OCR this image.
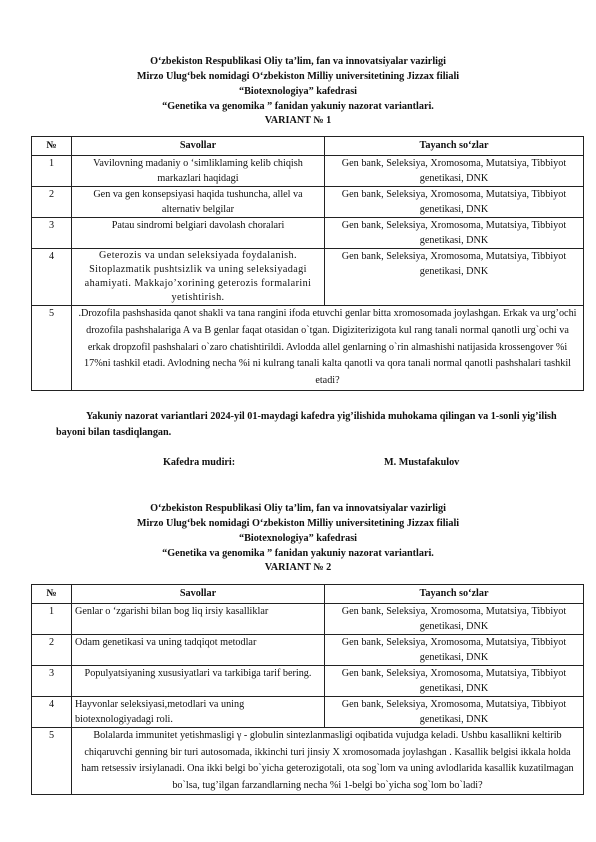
O‘zbekiston Respublikasi Oliy ta’lim, fan va innovatsiyalar vazirligi
Mirzo Ulug‘bek nomidagi O‘zbekiston Milliy universitetining Jizzax filiali
“Biotexnologiya” kafedrasi
“Genetika va genomika ” fanidan yakuniy nazorat variantlari.
VARIANT № 1
№	Savollar	Tayanch so‘zlar
1	Vavilovning madaniy o ‘simliklaming kelib chiqish markazlari haqidagi	Gen bank, Seleksiya, Xromosoma, Mutatsiya, Tibbiyot genetikasi, DNK
2	Gen va gen konsepsiyasi haqida tushuncha, allel va alternativ belgilar	Gen bank, Seleksiya, Xromosoma, Mutatsiya, Tibbiyot genetikasi, DNK
3	Patau sindromi belgiari davolash choralari	Gen bank, Seleksiya, Xromosoma, Mutatsiya, Tibbiyot genetikasi, DNK
4	Geterozis va undan seleksiyada foydalanish. Sitoplazmatik pushtsizlik va uning seleksiyadagi ahamiyati. Makkajo’xorining geterozis formalarini yetishtirish.	Gen bank, Seleksiya, Xromosoma, Mutatsiya, Tibbiyot genetikasi, DNK
5	.Drozofila pashshasida qanot shakli va tana rangini ifoda etuvchi genlar bitta xromosomada joylashgan. Erkak va urg’ochi drozofila pashshalariga A va B genlar faqat otasidan o`tgan. Digiziterizigota kul rang tanali normal qanotli urg`ochi va erkak dropzofil pashshalari o`zaro chatishtirildi. Avlodda allel genlarning o`rin almashishi natijasida krossengover %i 17%ni tashkil etadi. Avlodning necha %i ni kulrang tanali kalta qanotli va qora tanali normal qanotli pashshalari tashkil etadi?	
Yakuniy nazorat variantlari 2024-yil 01-maydagi kafedra yig’ilishida muhokama qilingan va 1-sonli yig’ilish bayoni bilan tasdiqlangan.
Kafedra mudiri:	M. Mustafakulov
O‘zbekiston Respublikasi Oliy ta’lim, fan va innovatsiyalar vazirligi
Mirzo Ulug‘bek nomidagi O‘zbekiston Milliy universitetining Jizzax filiali
“Biotexnologiya” kafedrasi
“Genetika va genomika ” fanidan yakuniy nazorat variantlari.
VARIANT № 2
№	Savollar	Tayanch so‘zlar
1	Genlar o ‘zgarishi bilan bog liq irsiy kasalliklar	Gen bank, Seleksiya, Xromosoma, Mutatsiya, Tibbiyot genetikasi, DNK
2	Odam genetikasi va uning tadqiqot metodlar	Gen bank, Seleksiya, Xromosoma, Mutatsiya, Tibbiyot genetikasi, DNK
3	Populyatsiyaning xususiyatlari va tarkibiga tarif bering.	Gen bank, Seleksiya, Xromosoma, Mutatsiya, Tibbiyot genetikasi, DNK
4	Hayvonlar seleksiyasi,metodlari va uning biotexnologiyadagi roli.	Gen bank, Seleksiya, Xromosoma, Mutatsiya, Tibbiyot genetikasi, DNK
5	Bolalarda immunitet yetishmasligi γ - globulin sintezlanmasligi oqibatida vujudga keladi. Ushbu kasallikni keltirib chiqaruvchi genning bir turi autosomada, ikkinchi turi jinsiy X xromosomada joylashgan . Kasallik belgisi ikkala holda ham retsessiv irsiylanadi. Ona ikki belgi bo`yicha geterozigotali, ota sog`lom va uning avlodlarida kasallik kuzatilmagan bo`lsa, tug’ilgan farzandlarning necha %i 1-belgi bo`yicha sog`lom bo`ladi?	
